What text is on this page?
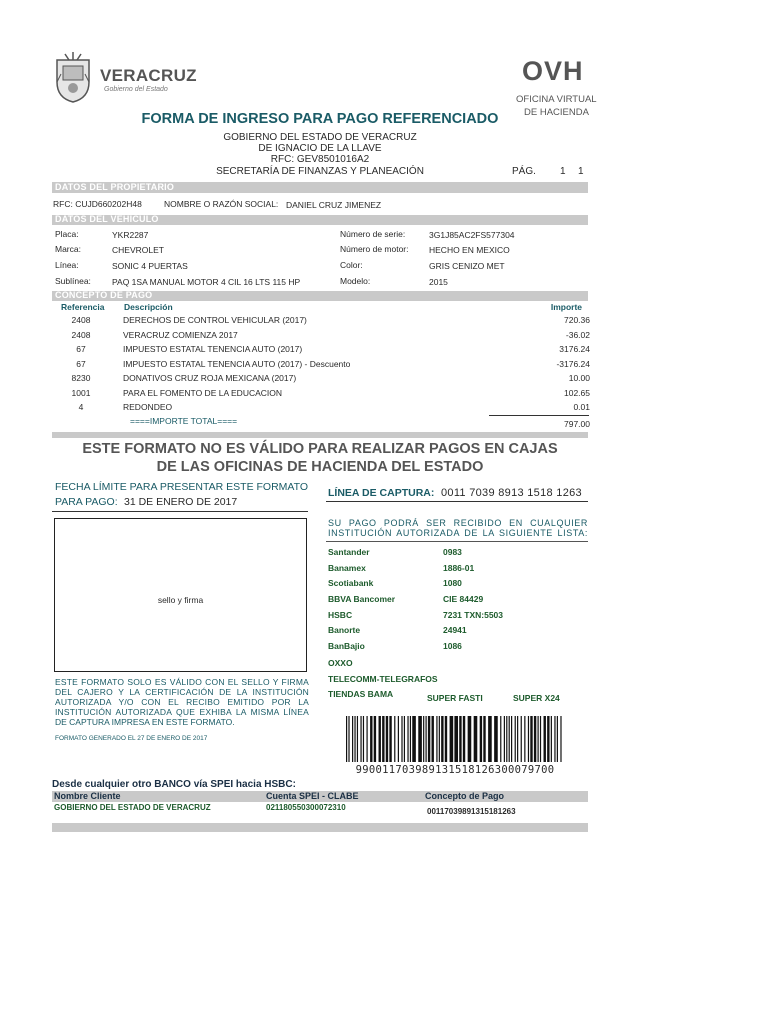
VERACRUZ
Gobierno del Estado
OVH
OFICINA VIRTUAL
DE HACIENDA
FORMA DE INGRESO PARA PAGO REFERENCIADO
GOBIERNO DEL ESTADO DE VERACRUZ
DE IGNACIO DE LA LLAVE
RFC: GEV8501016A2
SECRETARÍA DE FINANZAS Y PLANEACIÓN	PÁG. 1 1
DATOS DEL PROPIETARIO
RFC: CUJD660202H48	NOMBRE O RAZÓN SOCIAL: DANIEL CRUZ JIMENEZ
DATOS DEL VEHÍCULO
Placa:	YKR2287
Marca:	CHEVROLET
Línea:	SONIC 4 PUERTAS
Sublínea: PAQ 1SA MANUAL MOTOR 4 CIL 16 LTS 115 HP
Número de serie:	3G1J85AC2FS577304
Número de motor: HECHO EN MEXICO
Color:	GRIS CENIZO MET
Modelo:	2015
CONCEPTO DE PAGO
Referencia Descripción	Importe
2408	DERECHOS DE CONTROL VEHICULAR (2017)	720.36
2408	VERACRUZ COMIENZA 2017	-36.02
67	IMPUESTO ESTATAL TENENCIA AUTO (2017)	3176.24
67	IMPUESTO ESTATAL TENENCIA AUTO (2017) - Descuento	-3176.24
8230	DONATIVOS CRUZ ROJA MEXICANA (2017)	10.00
1001	PARA EL FOMENTO DE LA EDUCACION	102.65
4	REDONDEO	0.01
====IMPORTE TOTAL====	797.00
ESTE FORMATO NO ES VÁLIDO PARA REALIZAR PAGOS EN CAJAS
DE LAS OFICINAS DE HACIENDA DEL ESTADO
FECHA LÍMITE PARA PRESENTAR ESTE FORMATO
PARA PAGO: 31 DE ENERO DE 2017
LÍNEA DE CAPTURA: 0011 7039 8913 1518 1263
sello y firma
SU PAGO PODRÁ SER RECIBIDO EN CUALQUIER
INSTITUCIÓN AUTORIZADA DE LA SIGUIENTE LISTA:
Santander	0983
Banamex	1886-01
Scotiabank	1080
BBVA Bancomer	CIE 84429
HSBC	7231 TXN:5503
Banorte	24941
BanBajio	1086
OXXO
TELECOMM-TELEGRAFOS
TIENDAS BAMA	SUPER FASTI	SUPER X24
ESTE FORMATO SOLO ES VÁLIDO CON EL SELLO Y FIRMA
DEL CAJERO Y LA CERTIFICACIÓN DE LA INSTITUCIÓN
AUTORIZADA Y/O CON EL RECIBO EMITIDO POR LA
INSTITUCIÓN AUTORIZADA QUE EXHIBA LA MISMA LÍNEA
DE CAPTURA IMPRESA EN ESTE FORMATO.
FORMATO GENERADO EL 27 DE ENERO DE 2017
990011703989131518126300079700
Desde cualquier otro BANCO vía SPEI hacia HSBC:
Nombre Cliente	Cuenta SPEI - CLABE	Concepto de Pago
GOBIERNO DEL ESTADO DE VERACRUZ	021180550300072310	00117039891315181263
